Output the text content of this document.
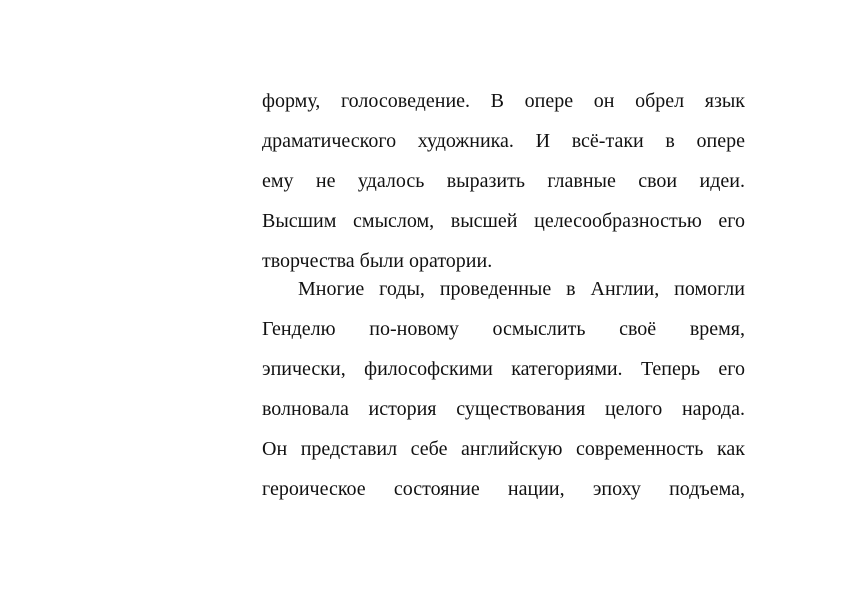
форму, голосоведение. В опере он обрел язык
драматического художника. И всё-таки в опере
ему не удалось выразить главные свои идеи.
Высшим смыслом, высшей целесообразностью его
творчества были оратории.
Многие годы, проведенные в Англии, помогли
Генделю по-новому осмыслить своё время,
эпически, философскими категориями. Теперь его
волновала история существования целого народа.
Он представил себе английскую современность как
героическое состояние нации, эпоху подъема,
